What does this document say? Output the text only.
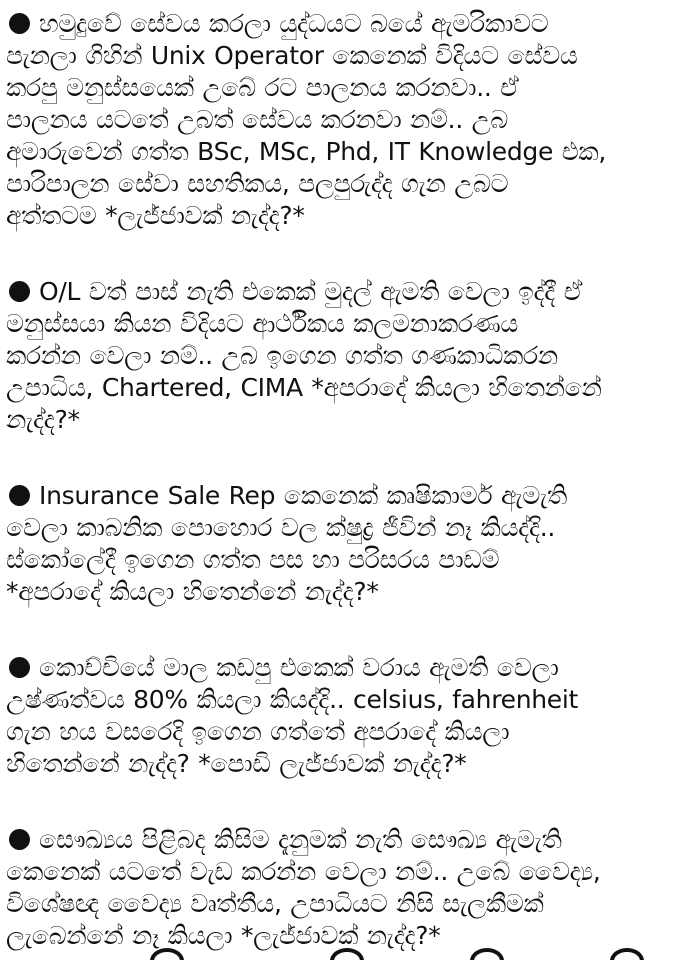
හමුදුවේ සේවය කරලා යුද්ධයට බයේ ඇමරිකාවට
පැනලා ගිහින් Unix Operator කෙනෙක් විදියට සේවය
කරපු මනුස්සයෙක් උබේ රට පාලනය කරනවා.. ඒ
පාලනය යටතේ උබත් සේවය කරනවා නම්.. උබ
අමාරුවෙන් ගත්ත BSc, MSc, Phd, IT Knowledge එක,
පාරිපාලන සේවා සහතිකය, පලපුරුද්ද ගැන උබට
අත්තටම *ලැජ්ජාවක් නැද්ද?*
O/L වත් පාස් නැති එකෙක් මුදල් ඇමති වෙලා ඉද්දී ඒ
මනුස්සයා කියන විදියට ආර්ථිකය කලමනාකරණය
කරන්න වෙලා නම්.. උබ ඉගෙන ගත්ත ගණකාධිකරන
උපාධිය, Chartered, CIMA *අපරාදේ කියලා හිතෙන්නේ
නැද්ද?*
Insurance Sale Rep කෙනෙක් කෘෂිකාර්ම ඇමැති
වෙලා කාබනික පොහොර වල ක්ෂුද්‍ර ජීවින් නෑ කියද්දි..
ස්කෝලේදී ඉගෙන ගත්ත පස හා පරිසරය පාඩම්
*අපරාදේ කියලා හිතෙන්නේ නැද්ද?*
කොච්චියේ මාල කඩපු එකෙක් වරාය ඇමති වෙලා
උෂ්ණත්වය 80% කියලා කියද්දි.. celsius, fahrenheit
ගැන හය වසරෙදි ඉගෙන ගත්තේ අපරාදේ කියලා
හිතෙන්නේ නැද්ද? *පොඩි ලැජ්ජාවක් නැද්ද?*
සෞඛ්‍යය පිළිබද කිසිම දැනුමක් නැති සෞඛ්‍ය ඇමැති
කෙනෙක් යටතේ වැඩ කරන්න වෙලා නම්.. උබේ වෛද්‍ය,
විශේෂඥ වෛද්‍ය වෘත්තීය, උපාධියට නිසි සැලකීමක්
ලැබෙන්නේ නෑ කියලා *ලැජ්ජාවක් නැද්ද?*
